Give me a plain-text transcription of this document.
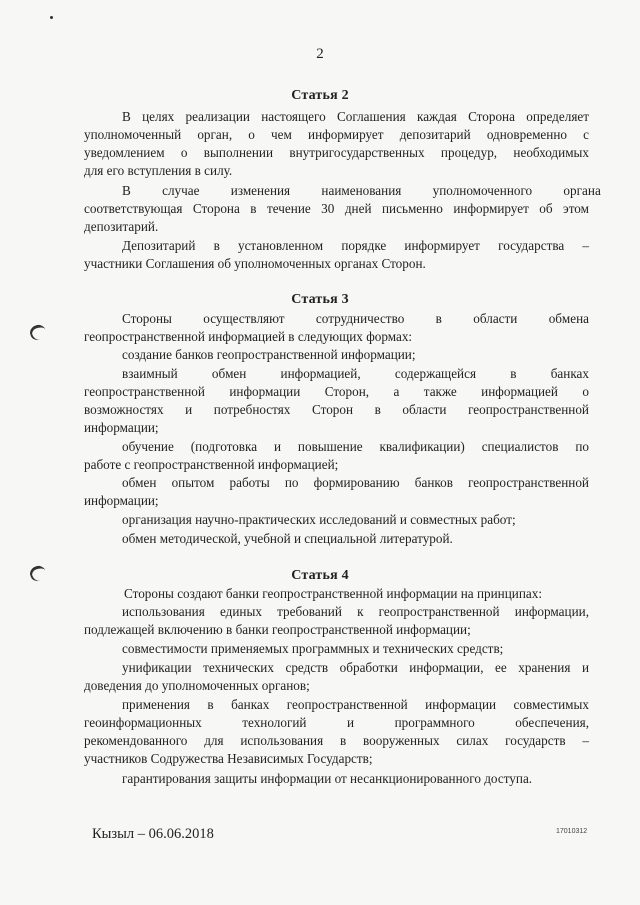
2
Статья 2
В целях реализации настоящего Соглашения каждая Сторона определяет
уполномоченный орган, о чем информирует депозитарий одновременно с
уведомлением о выполнении внутригосударственных процедур, необходимых
для его вступления в силу.
В случае изменения наименования уполномоченного органа
соответствующая Сторона в течение 30 дней письменно информирует об этом
депозитарий.
Депозитарий в установленном порядке информирует государства –
участники Соглашения об уполномоченных органах Сторон.
Статья 3
Стороны осуществляют сотрудничество в области обмена
геопространственной информацией в следующих формах:
создание банков геопространственной информации;
взаимный обмен информацией, содержащейся в банках
геопространственной информации Сторон, а также информацией о
возможностях и потребностях Сторон в области геопространственной
информации;
обучение (подготовка и повышение квалификации) специалистов по
работе с геопространственной информацией;
обмен опытом работы по формированию банков геопространственной
информации;
организация научно-практических исследований и совместных работ;
обмен методической, учебной и специальной литературой.
Статья 4
Стороны создают банки геопространственной информации на принципах:
использования единых требований к геопространственной информации,
подлежащей включению в банки геопространственной информации;
совместимости применяемых программных и технических средств;
унификации технических средств обработки информации, ее хранения и
доведения до уполномоченных органов;
применения в банках геопространственной информации совместимых
геоинформационных технологий и программного обеспечения,
рекомендованного для использования в вооруженных силах государств –
участников Содружества Независимых Государств;
гарантирования защиты информации от несанкционированного доступа.
Кызыл – 06.06.2018	17010312
